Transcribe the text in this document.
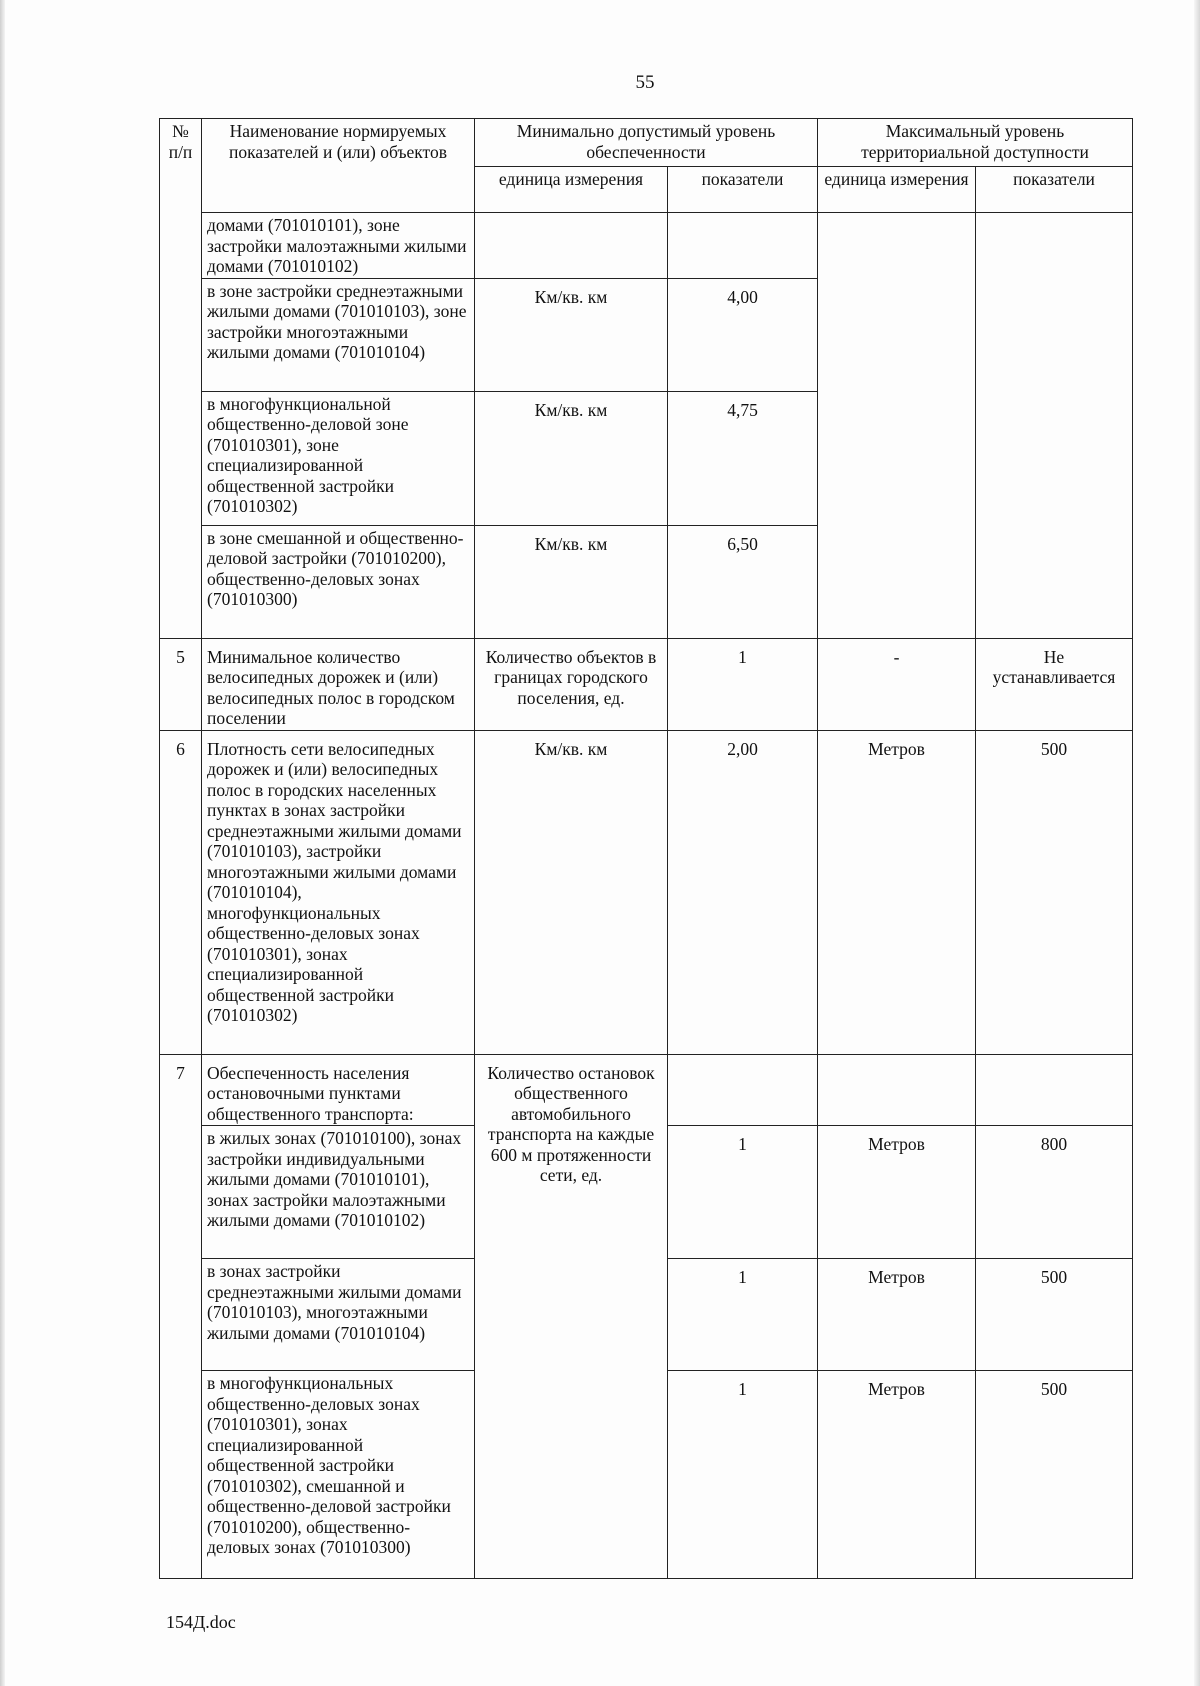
55
№ п/п	Наименование нормируемых показателей и (или) объектов	Минимально допустимый уровень обеспеченности		Максимальный уровень территориальной доступности	
		единица измерения	показатели	единица измерения	показатели
	домами (701010101), зоне застройки малоэтажными жилыми домами (701010102)				
	в зоне застройки среднеэтажными жилыми домами (701010103), зоне застройки многоэтажными жилыми домами (701010104)	Км/кв. км	4,00		
	в многофункциональной общественно-деловой зоне (701010301), зоне специализированной общественной застройки (701010302)	Км/кв. км	4,75		
	в зоне смешанной и общественно-деловой застройки (701010200), общественно-деловых зонах (701010300)	Км/кв. км	6,50		
5	Минимальное количество велосипедных дорожек и (или) велосипедных полос в городском поселении	Количество объектов в границах городского поселения, ед.	1	-	Не устанавливается
6	Плотность сети велосипедных дорожек и (или) велосипедных полос в городских населенных пунктах в зонах застройки среднеэтажными жилыми домами (701010103), застройки многоэтажными жилыми домами (701010104), многофункциональных общественно-деловых зонах (701010301), зонах специализированной общественной застройки (701010302)	Км/кв. км	2,00	Метров	500
7	Обеспеченность населения остановочными пунктами общественного транспорта:	Количество остановок общественного автомобильного транспорта на каждые 600 м протяженности сети, ед.			
	в жилых зонах (701010100), зонах застройки индивидуальными жилыми домами (701010101), зонах застройки малоэтажными жилыми домами (701010102)		1	Метров	800
	в зонах застройки среднеэтажными жилыми домами (701010103), многоэтажными жилыми домами (701010104)		1	Метров	500
	в многофункциональных общественно-деловых зонах (701010301), зонах специализированной общественной застройки (701010302), смешанной и общественно-деловой застройки (701010200), общественно-деловых зонах (701010300)		1	Метров	500
154Д.doc
